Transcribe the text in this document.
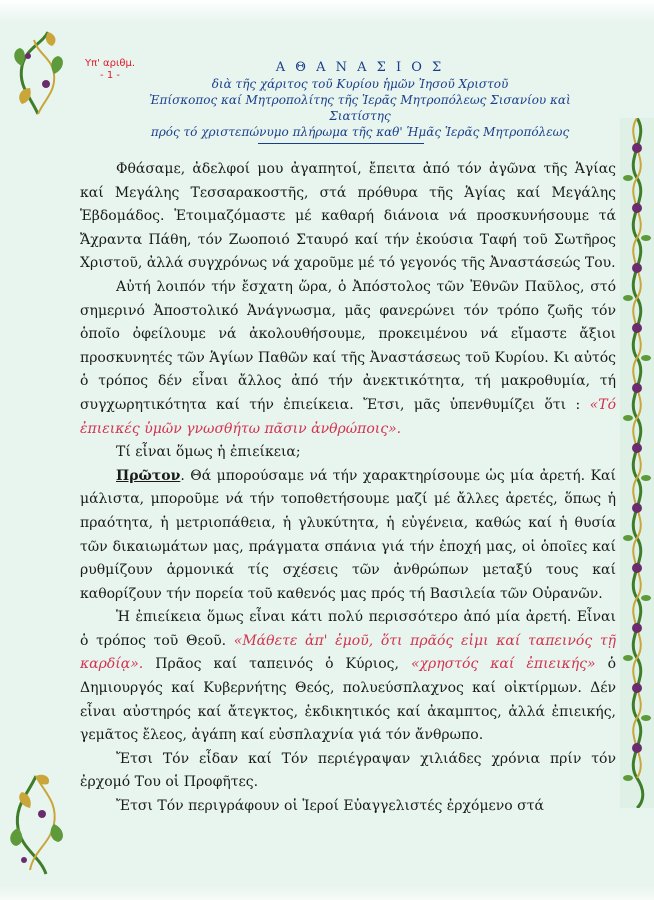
Υπ' αριθμ.
- 1 -
Α Θ Α Ν Α Σ Ι Ο Σ
διὰ τῆς χάριτος τοῦ Κυρίου ἡμῶν Ἰησοῦ Χριστοῦ
Ἐπίσκοπος καί Μητροπολίτης τῆς Ἱερᾶς Μητροπόλεως Σισανίου καὶ Σιατίστης
πρός τό χριστεπώνυμο πλήρωμα τῆς καθ' Ἡμᾶς Ἱερᾶς Μητροπόλεως

Φθάσαμε, ἀδελφοί μου ἀγαπητοί, ἔπειτα ἀπό τόν ἀγῶνα τῆς Ἁγίας καί Μεγάλης Τεσσαρακοστῆς, στά πρόθυρα τῆς Ἁγίας καί Μεγάλης Ἑβδομάδος. Ἑτοιμαζόμαστε μέ καθαρή διάνοια νά προσκυνήσουμε τά Ἄχραντα Πάθη, τόν Ζωοποιό Σταυρό καί τήν ἑκούσια Ταφή τοῦ Σωτῆρος Χριστοῦ, ἀλλά συγχρόνως νά χαροῦμε μέ τό γεγονός τῆς Ἀναστάσεώς Του.

Αὐτή λοιπόν τήν ἔσχατη ὥρα, ὁ Ἀπόστολος τῶν Ἐθνῶν Παῦλος, στό σημερινό Ἀποστολικό Ἀνάγνωσμα, μᾶς φανερώνει τόν τρόπο ζωῆς τόν ὁποῖο ὀφείλουμε νά ἀκολουθήσουμε, προκειμένου νά εἴμαστε ἄξιοι προσκυνητές τῶν Ἁγίων Παθῶν καί τῆς Ἀναστάσεως τοῦ Κυρίου. Κι αὐτός ὁ τρόπος δέν εἶναι ἄλλος ἀπό τήν ἀνεκτικότητα, τή μακροθυμία, τή συγχωρητικότητα καί τήν ἐπιείκεια. Ἔτσι, μᾶς ὑπενθυμίζει ὅτι : «Τό ἐπιεικές ὑμῶν γνωσθήτω πᾶσιν ἀνθρώποις».

Τί εἶναι ὅμως ἡ ἐπιείκεια;

Πρῶτον. Θά μπορούσαμε νά τήν χαρακτηρίσουμε ὡς μία ἀρετή. Καί μάλιστα, μποροῦμε νά τήν τοποθετήσουμε μαζί μέ ἄλλες ἀρετές, ὅπως ἡ πραότητα, ἡ μετριοπάθεια, ἡ γλυκύτητα, ἡ εὐγένεια, καθώς καί ἡ θυσία τῶν δικαιωμάτων μας, πράγματα σπάνια γιά τήν ἐποχή μας, οἱ ὁποῖες καί ρυθμίζουν ἁρμονικά τίς σχέσεις τῶν ἀνθρώπων μεταξύ τους καί καθορίζουν τήν πορεία τοῦ καθενός μας πρός τή Βασιλεία τῶν Οὐρανῶν.

Ἡ ἐπιείκεια ὅμως εἶναι κάτι πολύ περισσότερο ἀπό μία ἀρετή. Εἶναι ὁ τρόπος τοῦ Θεοῦ. «Μάθετε ἀπ' ἐμοῦ, ὅτι πρᾶός εἰμι καί ταπεινός τῇ καρδίᾳ». Πρᾶος καί ταπεινός ὁ Κύριος, «χρηστός καί ἐπιεικής» ὁ Δημιουργός καί Κυβερνήτης Θεός, πολυεύσπλαχνος καί οἰκτίρμων. Δέν εἶναι αὐστηρός καί ἄτεγκτος, ἐκδικητικός καί ἀκαμπτος, ἀλλά ἐπιεικής, γεμᾶτος ἔλεος, ἀγάπη καί εὐσπλαχνία γιά τόν ἄνθρωπο.

Ἔτσι Τόν εἶδαν καί Τόν περιέγραψαν χιλιάδες χρόνια πρίν τόν ἐρχομό Του οἱ Προφῆτες.

Ἔτσι Τόν περιγράφουν οἱ Ἱεροί Εὐαγγελιστές ἐρχόμενο στά
